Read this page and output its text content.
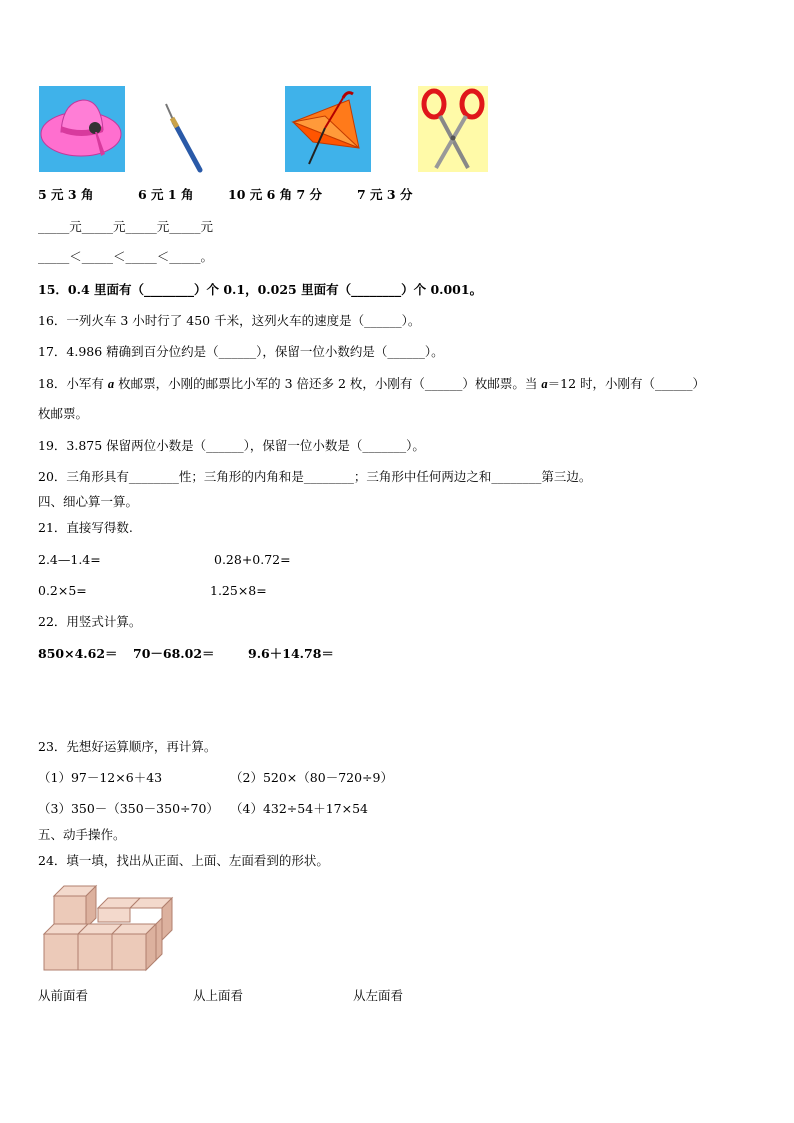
5 元 3 角	6 元 1 角	10 元 6 角 7 分	7 元 3 分
_____元_____元_____元_____元
_____＜_____＜_____＜_____。
15．0.4 里面有（________）个 0.1，0.025 里面有（________）个 0.001。
16．一列火车 3 小时行了 450 千米，这列火车的速度是（______）。
17．4.986 精确到百分位约是（______），保留一位小数约是（______）。
18．小军有 a 枚邮票，小刚的邮票比小军的 3 倍还多 2 枚，小刚有（______）枚邮票。当 a＝12 时，小刚有（______）
枚邮票。
19．3.875 保留两位小数是（______），保留一位小数是（_______）。
20．三角形具有________性；三角形的内角和是________；三角形中任何两边之和________第三边。
四、细心算一算。
21．直接写得数.
2.4—1.4=	0.28+0.72=
0.2×5=	1.25×8=
22．用竖式计算。
850×4.62＝ 70－68.02＝	9.6＋14.78＝
23．先想好运算顺序，再计算。
（1）97－12×6＋43	（2）520×（80－720÷9）
（3）350－（350－350÷70） （4）432÷54＋17×54
五、动手操作。
24．填一填，找出从正面、上面、左面看到的形状。
从前面看	从上面看	从左面看
